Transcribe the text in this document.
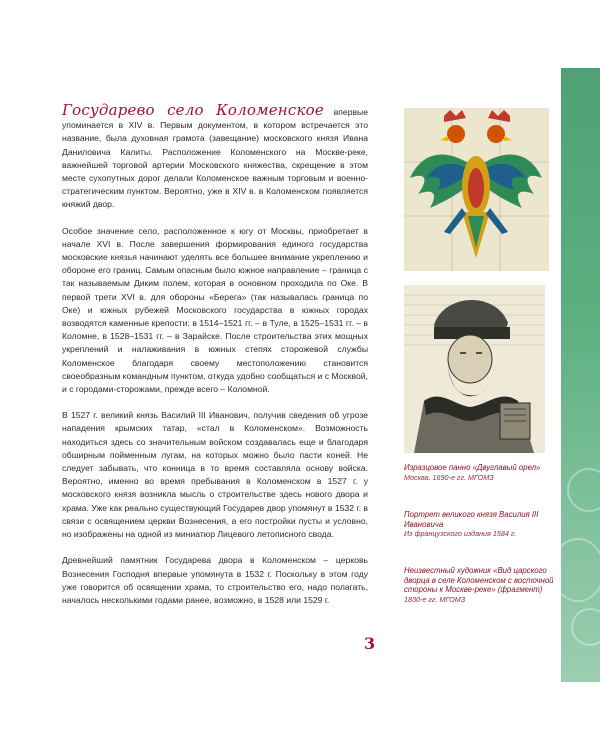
Государево село Коломенское впервые упоминается в XIV в. Первым документом, в котором встречается это название, была духовная грамота (завещание) московского князя Ивана Даниловича Калиты. Расположение Коломенского на Москве-реке, важнейшей торговой артерии Московского княжества, скрещение в этом месте сухопутных дорог делали Коломенское важным торговым и военно-стратегическим пунктом. Вероятно, уже в XIV в. в Коломенском появляется княжий двор.

Особое значение село, расположенное к югу от Москвы, приобретает в начале XVI в. После завершения формирования единого государства московские князья начинают уделять все большее внимание укреплению и обороне его границ. Самым опасным было южное направление – граница с так называемым Диким полем, которая в основном проходила по Оке. В первой трети XVI в. для обороны «Берега» (так называлась граница по Оке) и южных рубежей Московского государства в южных городах возводятся каменные крепости: в 1514–1521 гг. – в Туле, в 1525–1531 гг. – в Коломне, в 1528–1531 гг. – в Зарайске. После строительства этих мощных укреплений и налаживания в южных степях сторожевой службы Коломенское благодаря своему местоположению становится своеобразным командным пунктом, откуда удобно сообщаться и с Москвой, и с городами-сторожами, прежде всего – Коломной.

В 1527 г. великий князь Василий III Иванович, получив сведения об угрозе нападения крымских татар, «стал в Коломенском». Возможность находиться здесь со значительным войском создавалась еще и благодаря обширным пойменным лугам, на которых можно было пасти коней. Не следует забывать, что конница в то время составляла основу войска. Вероятно, именно во время пребывания в Коломенском в 1527 г. у московского князя возникла мысль о строительстве здесь нового двора и храма. Уже как реально существующий Государев двор упомянут в 1532 г. в связи с освящением церкви Вознесения, а его постройки пусты и условно, но изображены на одной из миниатюр Лицевого летописного свода.

Древнейший памятник Государева двора в Коломенском – церковь Вознесения Господня впервые упомянута в 1532 г. Поскольку в этом году уже говорится об освящении храма, то строительство его, надо полагать, началось несколькими годами ранее, возможно, в 1528 или 1529 г.

Изразцовое панно «Двуглавый орел»
Москва. 1690-е гг. МГОМЗ
Портрет великого князя Василия III Ивановича
Из французского издания 1584 г.
Неизвестный художник «Вид царского дворца в селе Коломенском с восточной стороны к Москве-реке» (фрагмент)
1830-е гг. МГОМЗ
3
